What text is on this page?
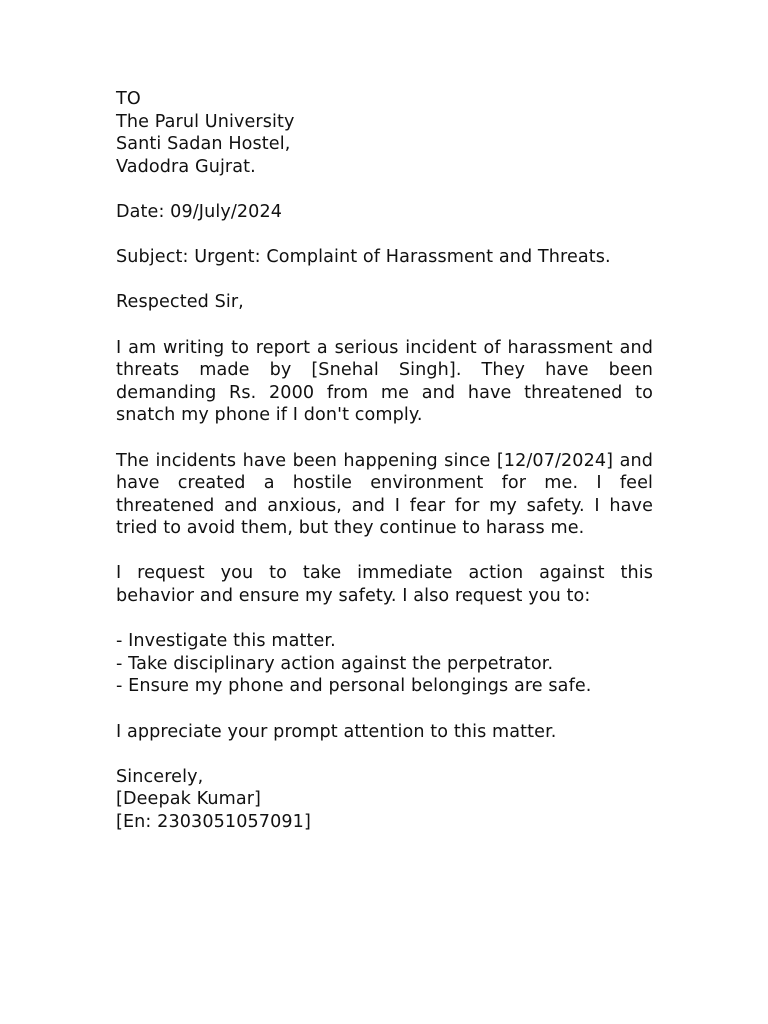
TO
The Parul University
Santi Sadan Hostel,
Vadodra Gujrat.
Date: 09/July/2024
Subject: Urgent: Complaint of Harassment and Threats.
Respected Sir,
I am writing to report a serious incident of harassment and threats made by [Snehal Singh]. They have been demanding Rs. 2000 from me and have threatened to snatch my phone if I don't comply.
The incidents have been happening since [12/07/2024] and have created a hostile environment for me. I feel threatened and anxious, and I fear for my safety. I have tried to avoid them, but they continue to harass me.
I request you to take immediate action against this behavior and ensure my safety. I also request you to:
- Investigate this matter.
- Take disciplinary action against the perpetrator.
- Ensure my phone and personal belongings are safe.
I appreciate your prompt attention to this matter.
Sincerely,
[Deepak Kumar]
[En: 2303051057091]
